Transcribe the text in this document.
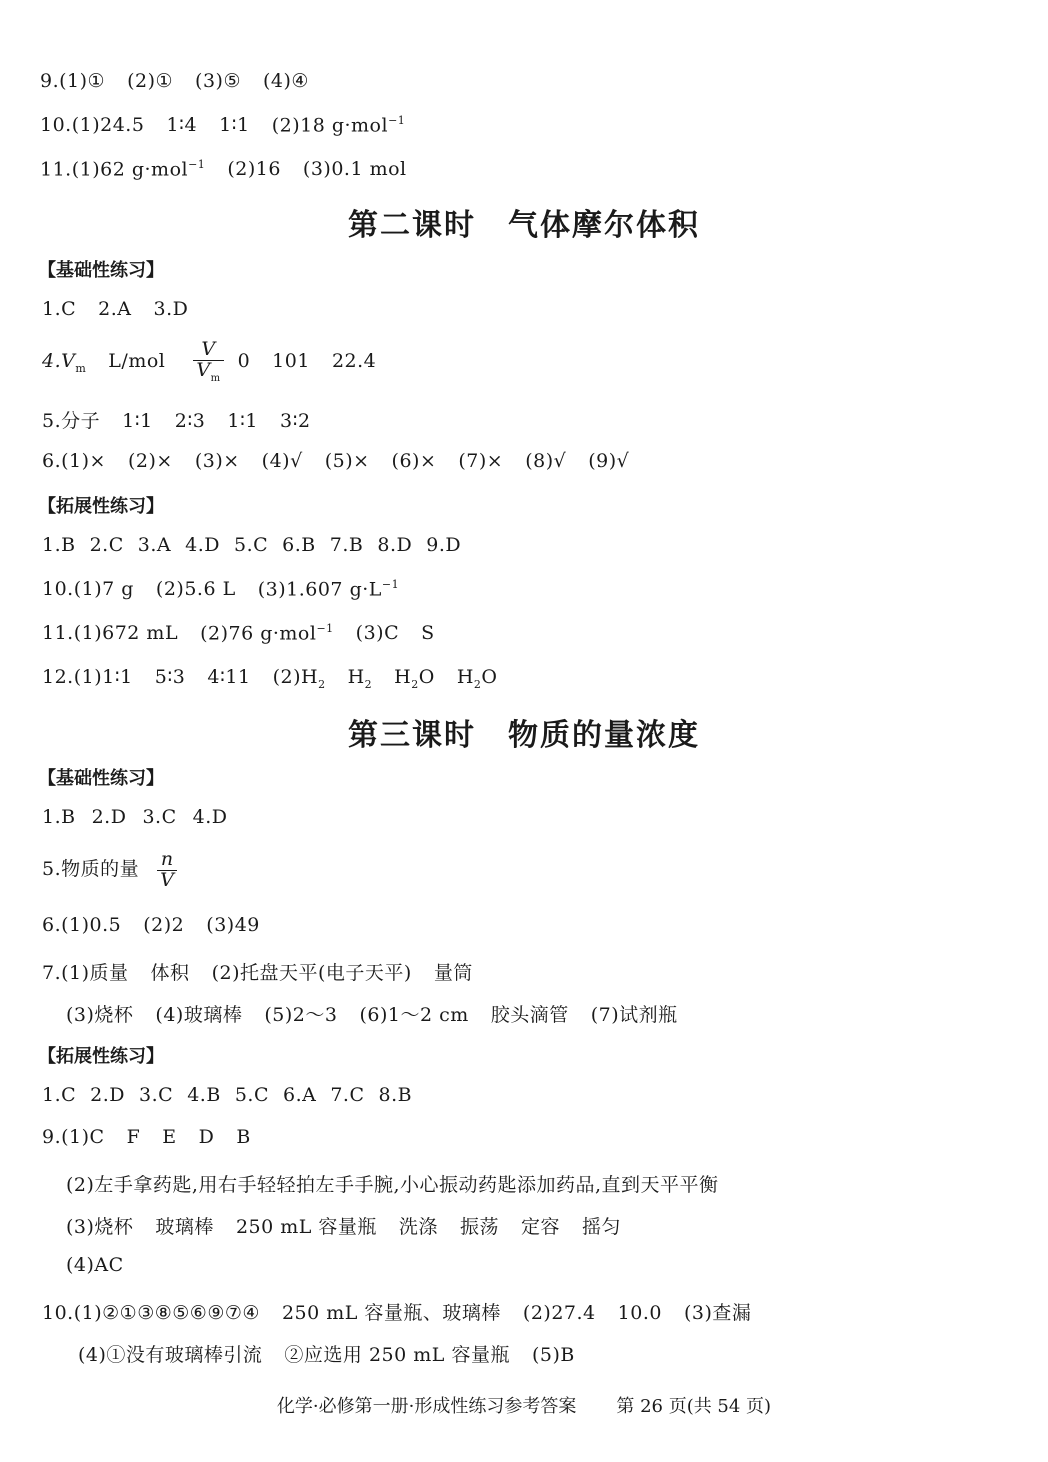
9.(1)① (2)① (3)⑤ (4)④
10.(1)24.5 1∶4 1∶1 (2)18 g·mol$^{-1}$
11.(1)62 g·mol$^{-1}$ (2)16 (3)0.1 mol
第二课时　气体摩尔体积
【基础性练习】
1.C 2.A 3.D
$4.V_m$ $L/mol \frac{V}{V_m} 0$ 101 22.4
5.分子 1∶1 2∶3 1∶1 3∶2
6.(1)× (2)× (3)× (4)√ (5)× (6)× (7)× (8)√ (9)√
【拓展性练习】
1.B 2.C 3.A 4.D 5.C 6.B 7.B 8.D 9.D
10.(1)7 g (2)5.6 L (3)1.607 $g\cdot L^{-1}$
11.(1)672 mL (2)76 g·mol$^{-1}$ (3)C S
12.(1)1∶1 5∶3 4∶11 $(2)H_2$ $H_2$ $H_2O$ $H_2O$
第三课时　物质的量浓度
【基础性练习】
1.B 2.D 3.C 4.D
5.物质的量 $\frac{n}{V}$
6.(1)0.5 (2)2 (3)49
7.(1)质量 体积 (2)托盘天平(电子天平) 量筒
(3)烧杯 (4)玻璃棒 (5)2～3 (6)1～2 cm 胶头滴管 (7)试剂瓶
【拓展性练习】
1.C 2.D 3.C 4.B 5.C 6.A 7.C 8.B
9.(1)C F E D B
(2)左手拿药匙,用右手轻轻拍左手手腕,小心振动药匙添加药品,直到天平平衡
(3)烧杯 玻璃棒 250 mL 容量瓶 洗涤 振荡 定容 摇匀
(4)AC
10.(1)②①③⑧⑤⑥⑨⑦④ 250 mL 容量瓶、玻璃棒 (2)27.4 10.0 (3)查漏
(4)①没有玻璃棒引流 ②应选用 250 mL 容量瓶 (5)B
化学·必修第一册·形成性练习参考答案 第 26 页(共 54 页)
